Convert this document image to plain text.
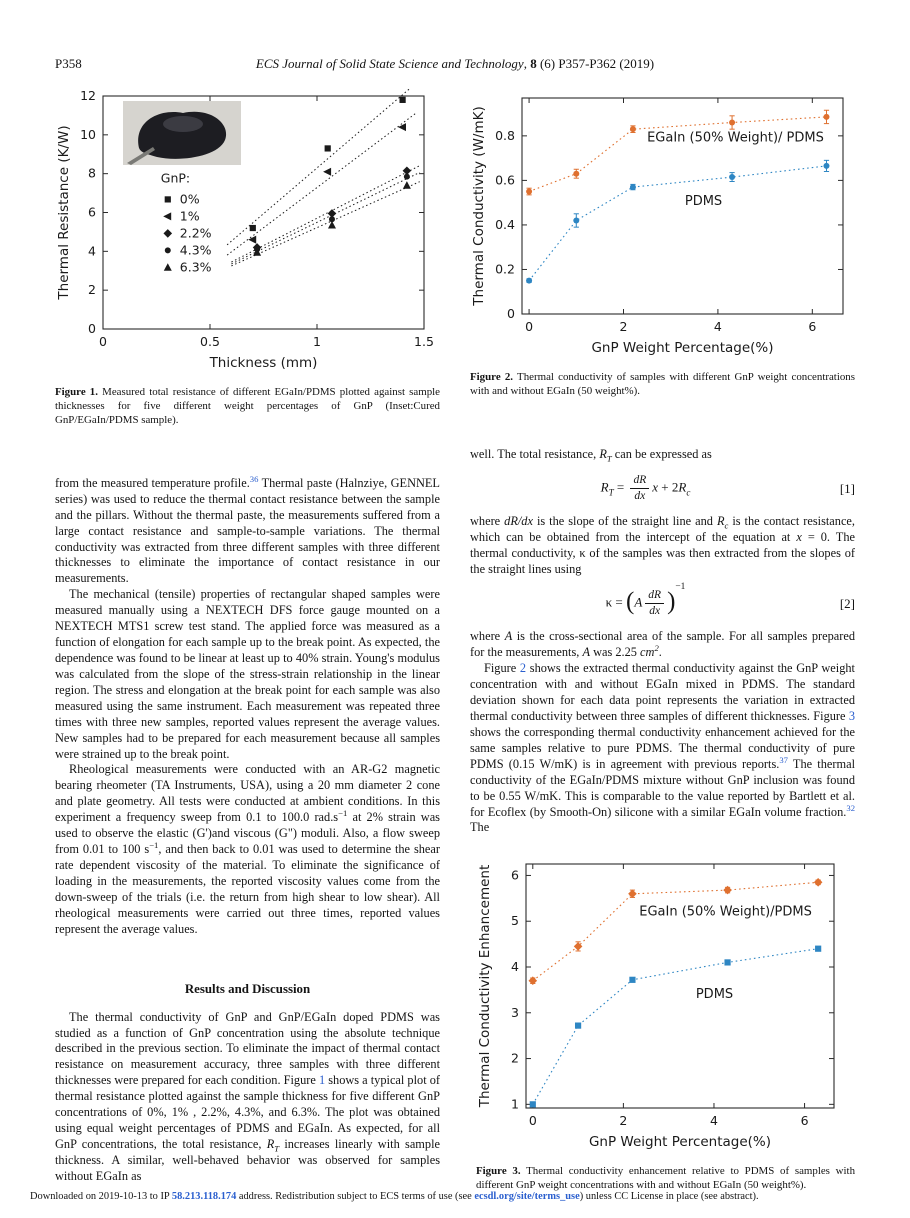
P358	ECS Journal of Solid State Science and Technology, 8 (6) P357-P362 (2019)
0	0.5	1	1.5
0
2
4
6
8
10
12
Thickness (mm)
Thermal Resistance (K/W)	GnP:
0%
1%
2.2%
4.3%
6.3%
Figure 1. Measured total resistance of different EGaIn/PDMS plotted against sample thicknesses for five different weight percentages of GnP (Inset:Cured GnP/EGaIn/PDMS sample).

from the measured temperature profile.$^{36}$ Thermal paste (Halnziye, GENNEL series) was used to reduce the thermal contact resistance between the sample and the pillars. Without the thermal paste, the measurements suffered from a large contact resistance and sample-to-sample variations. The thermal conductivity was extracted from three different samples with three different thicknesses to eliminate the importance of contact resistance in our measurements.

The mechanical (tensile) properties of rectangular shaped samples were measured manually using a NEXTECH DFS force gauge mounted on a NEXTECH MTS1 screw test stand. The applied force was measured as a function of elongation for each sample up to the break point. As expected, the dependence was found to be linear at least up to 40% strain. Young's modulus was calculated from the slope of the stress-strain relationship in the linear region. The stress and elongation at the break point for each sample was also measured using the same instrument. Each measurement was repeated three times with three new samples, reported values represent the average values. New samples had to be prepared for each measurement because all samples were strained up to the break point.

Rheological measurements were conducted with an AR-G2 magnetic bearing rheometer (TA Instruments, USA), using a 20 mm diameter 2 cone and plate geometry. All tests were conducted at ambient conditions. In this experiment a frequency sweep from 0.1 to 100.0 $rad.s^{-1}$ at 2% strain was used to observe the elastic (G')and viscous (G") moduli. Also, a flow sweep from 0.01 to 100 $s^{-1}$, and then back to 0.01 was used to determine the shear rate dependent viscosity of the material. To eliminate the significance of loading in the measurements, the reported viscosity values come from the down-sweep of the trials (i.e. the return from high shear to low shear). All rheological measurements were carried out three times, reported values represent the average values.

Results and Discussion

The thermal conductivity of GnP and GnP/EGaIn doped PDMS was studied as a function of GnP concentration using the absolute technique described in the previous section. To eliminate the impact of thermal contact resistance on measurement accuracy, three samples with three different thicknesses were prepared for each condition. Figure 1 shows a typical plot of thermal resistance plotted against the sample thickness for five different GnP concentrations of 0%, 1% , 2.2%, 4.3%, and 6.3%. The plot was obtained using equal weight percentages of PDMS and EGaIn. As expected, for all GnP concentrations, the total resistance, $R_T$ increases linearly with sample thickness. A similar, well-behaved behavior was observed for samples without EGaIn as

0	2	4	6
0
0.2
0.4
0.6
0.8
GnP Weight Percentage(%)
Thermal Conductivity (W/mK)	EGaIn (50% Weight)/ PDMS
PDMS
Figure 2. Thermal conductivity of samples with different GnP weight concentrations with and without EGaIn (50 weight%).

well. The total resistance, $R_T$ can be expressed as

$R_T = \frac{dR}{dx}$ $x + 2R_c$	[1]

where dR/dx is the slope of the straight line and $R_c$ is the contact resistance, which can be obtained from the intercept of the equation at x = 0. The thermal conductivity, κ of the samples was then extracted from the slopes of the straight lines using

$\kappa = (A \frac{dR}{dx} )^{-1}$
[2]

where A is the cross-sectional area of the sample. For all samples prepared for the measurements, A was 2.25 $cm^2$.

Figure 2 shows the extracted thermal conductivity against the GnP weight concentration with and without EGaIn mixed in PDMS. The standard deviation shown for each data point represents the variation in extracted thermal conductivity between three samples of different thicknesses. Figure 3 shows the corresponding thermal conductivity enhancement achieved for the same samples relative to pure PDMS. The thermal conductivity of pure PDMS (0.15 W/mK) is in agreement with previous reports.$^{37}$ The thermal conductivity of the EGaIn/PDMS mixture without GnP inclusion was found to be 0.55 W/mK. This is comparable to the value reported by Bartlett et al. for Ecoflex (by Smooth-On) silicone with a similar EGaIn volume fraction.$^{32}$ The

0	2	4	6
1
2
3
4
5
6
GnP Weight Percentage(%)
Thermal Conductivity Enhancement	EGaIn (50% Weight)/PDMS
PDMS
Figure 3. Thermal conductivity enhancement relative to PDMS of samples with different GnP weight concentrations with and without EGaIn (50 weight%).
Downloaded on 2019-10-13 to IP 58.213.118.174 address. Redistribution subject to ECS terms of use (see ecsdl.org/site/terms_use) unless CC License in place (see abstract).
